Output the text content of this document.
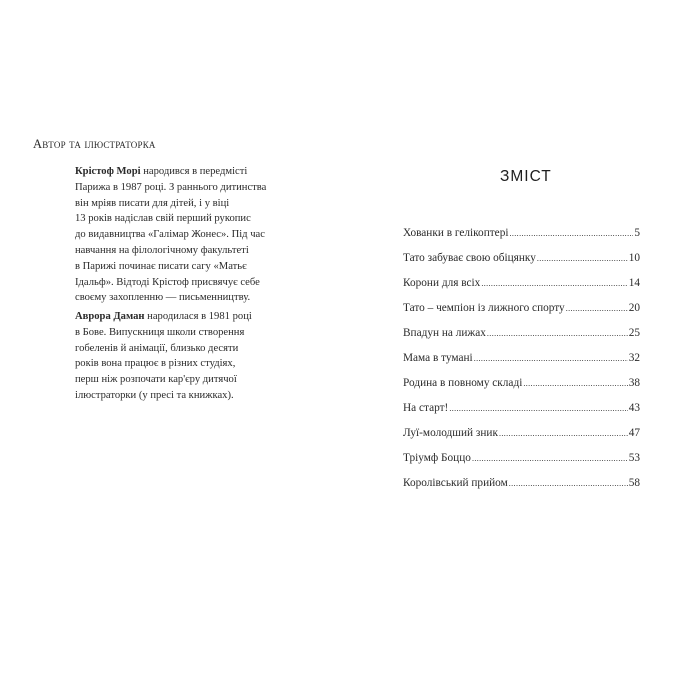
Автор та ілюстраторка

Крістоф Морі народився в передмісті
Парижа в 1987 році. З раннього дитинства
він мріяв писати для дітей, і у віці
13 років надіслав свій перший рукопис
до видавництва «Галімар Жонес». Під час
навчання на філологічному факультеті
в Парижі починає писати сагу «Матьє
Ідальф». Відтоді Крістоф присвячує себе
своєму захопленню — письменництву.

Аврора Даман народилася в 1981 році
в Бове. Випускниця школи створення
гобеленів й анімації, близько десяти
років вона працює в різних студіях,
перш ніж розпочати кар'єру дитячої
ілюстраторки (у пресі та книжках).

ЗМІСТ
Хованки в гелікоптері .....	5
Тато забуває свою обіцянку .....	10
Корони для всіх .....	14
Тато – чемпіон із лижного спорту .....	20
Впадун на лижах .....	25
Мама в тумані .....	32
Родина в повному складі .....	38
На старт! .....	43
Луї-молодший зник .....	47
Тріумф Боццо .....	53
Королівський прийом .....	58
